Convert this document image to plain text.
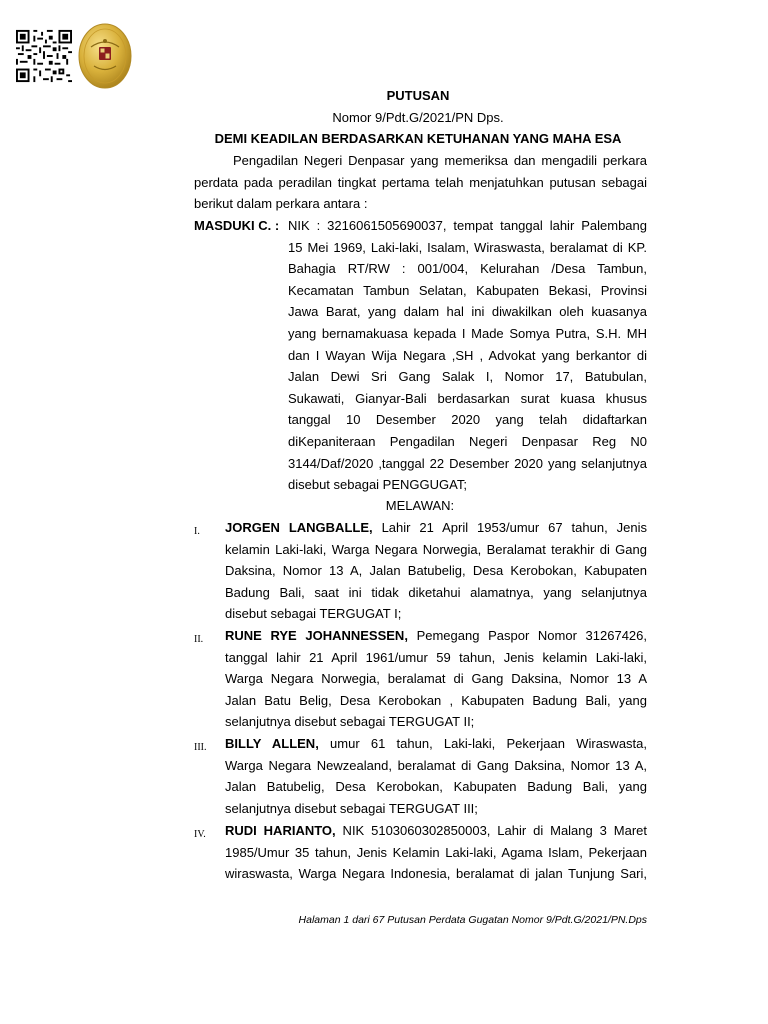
PUTUSAN
Nomor 9/Pdt.G/2021/PN Dps.
DEMI KEADILAN BERDASARKAN KETUHANAN YANG MAHA ESA
Pengadilan Negeri Denpasar yang memeriksa dan mengadili perkara
perdata pada peradilan tingkat pertama telah menjatuhkan putusan sebagai
berikut dalam perkara antara :
MASDUKI C. : NIK : 3216061505690037, tempat tanggal lahir Palembang
15 Mei 1969, Laki-laki, Isalam, Wiraswasta, beralamat di KP.
Bahagia RT/RW : 001/004, Kelurahan /Desa Tambun,
Kecamatan Tambun Selatan, Kabupaten Bekasi, Provinsi
Jawa Barat, yang dalam hal ini diwakilkan oleh kuasanya
yang bernamakuasa kepada I Made Somya Putra, S.H. MH
dan I Wayan Wija Negara ,SH , Advokat yang berkantor di
Jalan Dewi Sri Gang Salak I, Nomor 17, Batubulan,
Sukawati, Gianyar-Bali berdasarkan surat kuasa khusus
tanggal 10 Desember 2020 yang telah didaftarkan
diKepaniteraan Pengadilan Negeri Denpasar Reg N0
3144/Daf/2020 ,tanggal 22 Desember 2020 yang selanjutnya
disebut sebagai PENGGUGAT;
MELAWAN:
I. JORGEN LANGBALLE, Lahir 21 April 1953/umur 67 tahun, Jenis
kelamin Laki-laki, Warga Negara Norwegia, Beralamat terakhir di Gang
Daksina, Nomor 13 A, Jalan Batubelig, Desa Kerobokan, Kabupaten
Badung Bali, saat ini tidak diketahui alamatnya, yang selanjutnya
disebut sebagai TERGUGAT I;
II. RUNE RYE JOHANNESSEN, Pemegang Paspor Nomor 31267426,
tanggal lahir 21 April 1961/umur 59 tahun, Jenis kelamin Laki-laki,
Warga Negara Norwegia, beralamat di Gang Daksina, Nomor 13 A
Jalan Batu Belig, Desa Kerobokan , Kabupaten Badung Bali, yang
selanjutnya disebut sebagai TERGUGAT II;
III. BILLY ALLEN, umur 61 tahun, Laki-laki, Pekerjaan Wiraswasta,
Warga Negara Newzealand, beralamat di Gang Daksina, Nomor 13 A,
Jalan Batubelig, Desa Kerobokan, Kabupaten Badung Bali, yang
selanjutnya disebut sebagai TERGUGAT III;
IV. RUDI HARIANTO, NIK 5103060302850003, Lahir di Malang 3 Maret
1985/Umur 35 tahun, Jenis Kelamin Laki-laki, Agama Islam, Pekerjaan
wiraswasta, Warga Negara Indonesia, beralamat di jalan Tunjung Sari,
Halaman 1 dari 67 Putusan Perdata Gugatan Nomor 9/Pdt.G/2021/PN.Dps
